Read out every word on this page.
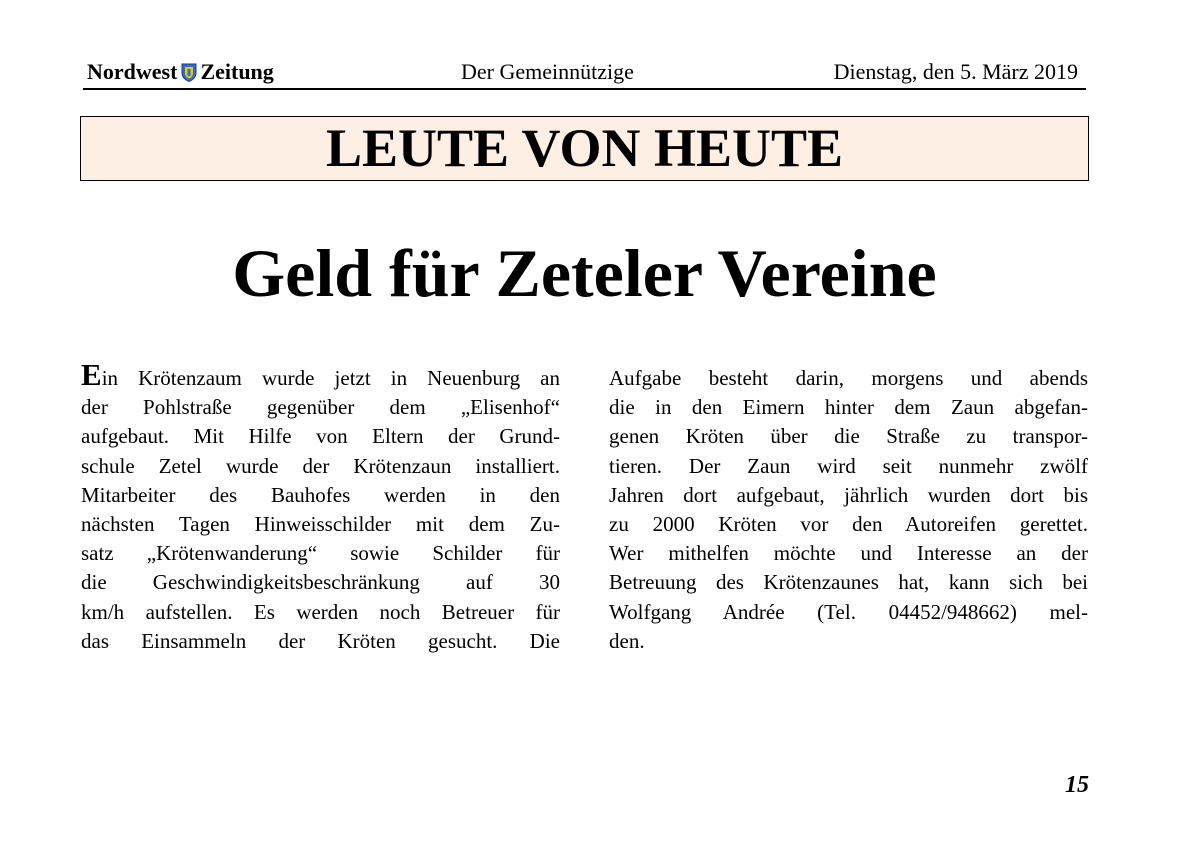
Nordwest Zeitung	Der Gemeinnützige	Dienstag, den 5. März 2019
LEUTE VON HEUTE
Geld für Zeteler Vereine
Ein Krötenzaum wurde jetzt in Neuenburg an
der Pohlstraße gegenüber dem „Elisenhof“
aufgebaut. Mit Hilfe von Eltern der Grund-
schule Zetel wurde der Krötenzaun installiert.
Mitarbeiter des Bauhofes werden in den
nächsten Tagen Hinweisschilder mit dem Zu-
satz „Krötenwanderung“ sowie Schilder für
die Geschwindigkeitsbeschränkung auf 30
km/h aufstellen. Es werden noch Betreuer für
das Einsammeln der Kröten gesucht. Die
Aufgabe besteht darin, morgens und abends
die in den Eimern hinter dem Zaun abgefan-
genen Kröten über die Straße zu transpor-
tieren. Der Zaun wird seit nunmehr zwölf
Jahren dort aufgebaut, jährlich wurden dort bis
zu 2000 Kröten vor den Autoreifen gerettet.
Wer mithelfen möchte und Interesse an der
Betreuung des Krötenzaunes hat, kann sich bei
Wolfgang Andrée (Tel. 04452/948662) mel-
den.
15
